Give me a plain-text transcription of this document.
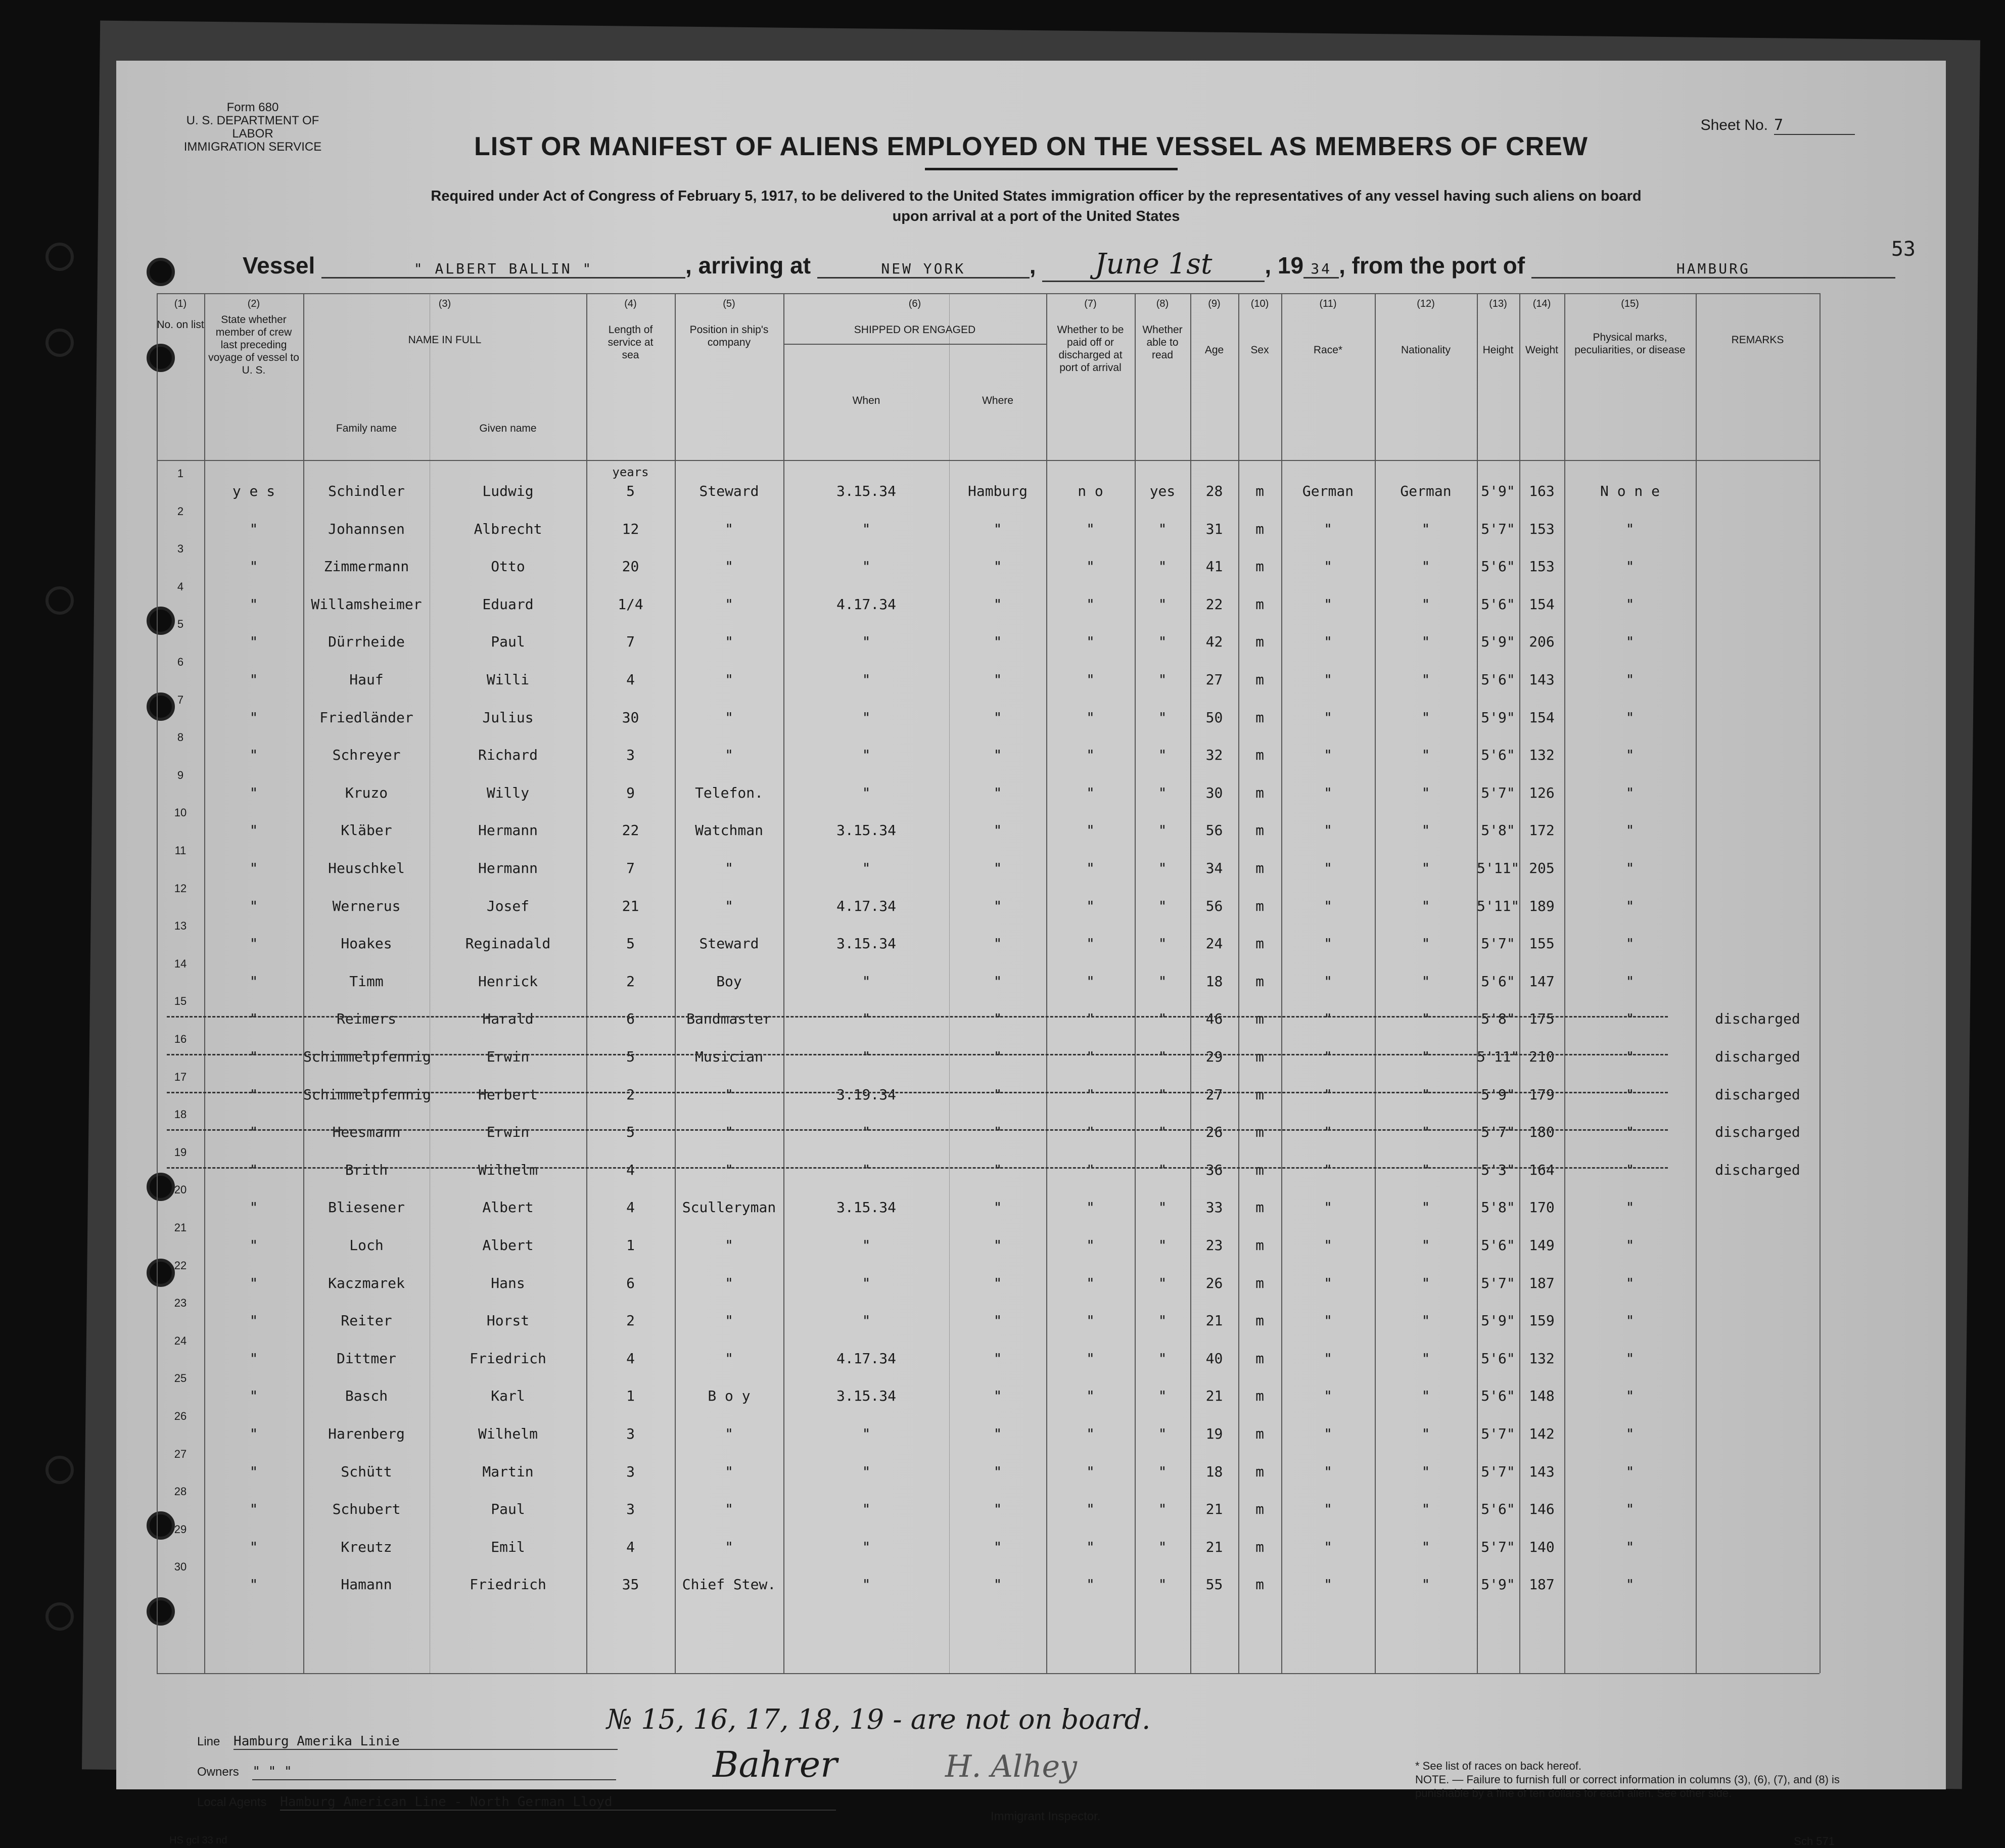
Form 680
U. S. DEPARTMENT OF LABOR
IMMIGRATION SERVICE
Sheet No. 7
LIST OR MANIFEST OF ALIENS EMPLOYED ON THE VESSEL AS MEMBERS OF CREW
Required under Act of Congress of February 5, 1917, to be delivered to the United States immigration officer by the representatives of any vessel having such aliens on board
upon arrival at a port of the United States
53
Vessel	" ALBERT BALLIN "	, arriving at	NEW YORK	, June 1st , 19 34 , from the port of	HAMBURG
(1)
No. on list
(2)
State whether member of crew last preceding voyage of vessel to U. S.
(3)
NAME IN FULL
Family name	Given name
(4)
Length of service at sea
(5)
Position in ship's company
(6)
SHIPPED OR ENGAGED
When	Where
(7)
Whether to be paid off or discharged at port of arrival
(8)
Whether able to read
(9)
Age
(10)
Sex
(11)
Race*
(12)
Nationality
(13)
Height
(14)
Weight
(15)
Physical marks, peculiarities, or disease
REMARKS
years
1
y e s	Schindler	Ludwig	5	Steward	3.15.34	Hamburg	n o	yes	28	m	German	German	5'9" 163	N o n e
2
"	Johannsen	Albrecht	12	"	"	"	"	"	31	m	"	"	5'7" 153	"
3
"	Zimmermann	Otto	20	"	"	"	"	"	41	m	"	"	5'6" 153	"
4
"	Willamsheimer	Eduard	1/4	"	4.17.34	"	"	"	22	m	"	"	5'6" 154	"
5
"	Dürrheide	Paul	7	"	"	"	"	"	42	m	"	"	5'9" 206	"
6
"	Hauf	Willi	4	"	"	"	"	"	27	m	"	"	5'6" 143	"
7
"	Friedländer	Julius	30	"	"	"	"	"	50	m	"	"	5'9" 154	"
8
"	Schreyer	Richard	3	"	"	"	"	"	32	m	"	"	5'6" 132	"
9
"	Kruzo	Willy	9	Telefon.	"	"	"	"	30	m	"	"	5'7" 126	"
10
"	Kläber	Hermann	22	Watchman	3.15.34	"	"	"	56	m	"	"	5'8" 172	"
11
"	Heuschkel	Hermann	7	"	"	"	"	"	34	m	"	"	5'11" 205	"
12
"	Wernerus	Josef	21	"	4.17.34	"	"	"	56	m	"	"	5'11" 189	"
13
"	Hoakes	Reginadald	5	Steward	3.15.34	"	"	"	24	m	"	"	5'7" 155	"
14
"	Timm	Henrick	2	Boy	"	"	"	"	18	m	"	"	5'6" 147	"
15
"	Reimers	Harald	6	Bandmaster	"	"	"	"	46	m	"	"	5'8" 175	"	discharged
16
"	Schimmelpfennig	Erwin	5	Musician	"	"	"	"	29	m	"	"	5'11" 210	"	discharged
17
"	Schimmelpfennig	Herbert	2	"	3.19.34	"	"	"	27	m	"	"	5'9" 179	"	discharged
18
"	Heesmann	Erwin	5	"	"	"	"	"	26	m	"	"	5'7" 180	"	discharged
19
"	Brith	Wilhelm	4	"	"	"	"	"	36	m	"	"	5'3" 164	"	discharged
20
"	Bliesener	Albert	4	Sculleryman	3.15.34	"	"	"	33	m	"	"	5'8" 170	"
21
"	Loch	Albert	1	"	"	"	"	"	23	m	"	"	5'6" 149	"
22
"	Kaczmarek	Hans	6	"	"	"	"	"	26	m	"	"	5'7" 187	"
23
"	Reiter	Horst	2	"	"	"	"	"	21	m	"	"	5'9" 159	"
24
"	Dittmer	Friedrich	4	"	4.17.34	"	"	"	40	m	"	"	5'6" 132	"
25
"	Basch	Karl	1	B o y	3.15.34	"	"	"	21	m	"	"	5'6" 148	"
26
"	Harenberg	Wilhelm	3	"	"	"	"	"	19	m	"	"	5'7" 142	"
27
"	Schütt	Martin	3	"	"	"	"	"	18	m	"	"	5'7" 143	"
28
"	Schubert	Paul	3	"	"	"	"	"	21	m	"	"	5'6" 146	"
29
"	Kreutz	Emil	4	"	"	"	"	"	21	m	"	"	5'7" 140	"
30
"	Hamann	Friedrich	35	Chief Stew.	"	"	"	"	55	m	"	"	5'9" 187	"
№ 15, 16, 17, 18, 19 - are not on board.
Line Hamburg Amerika Linie
Owners " " "
Local Agents Hamburg American Line - North German Lloyd
Bahrer	H. Alhey
Immigrant Inspector.
* See list of races on back hereof.
NOTE. — Failure to furnish full or correct information in columns (3), (6), (7), and (8) is punishable by a fine of ten dollars for each alien. See other side.
HS gcl 33 nd	Sch 571
